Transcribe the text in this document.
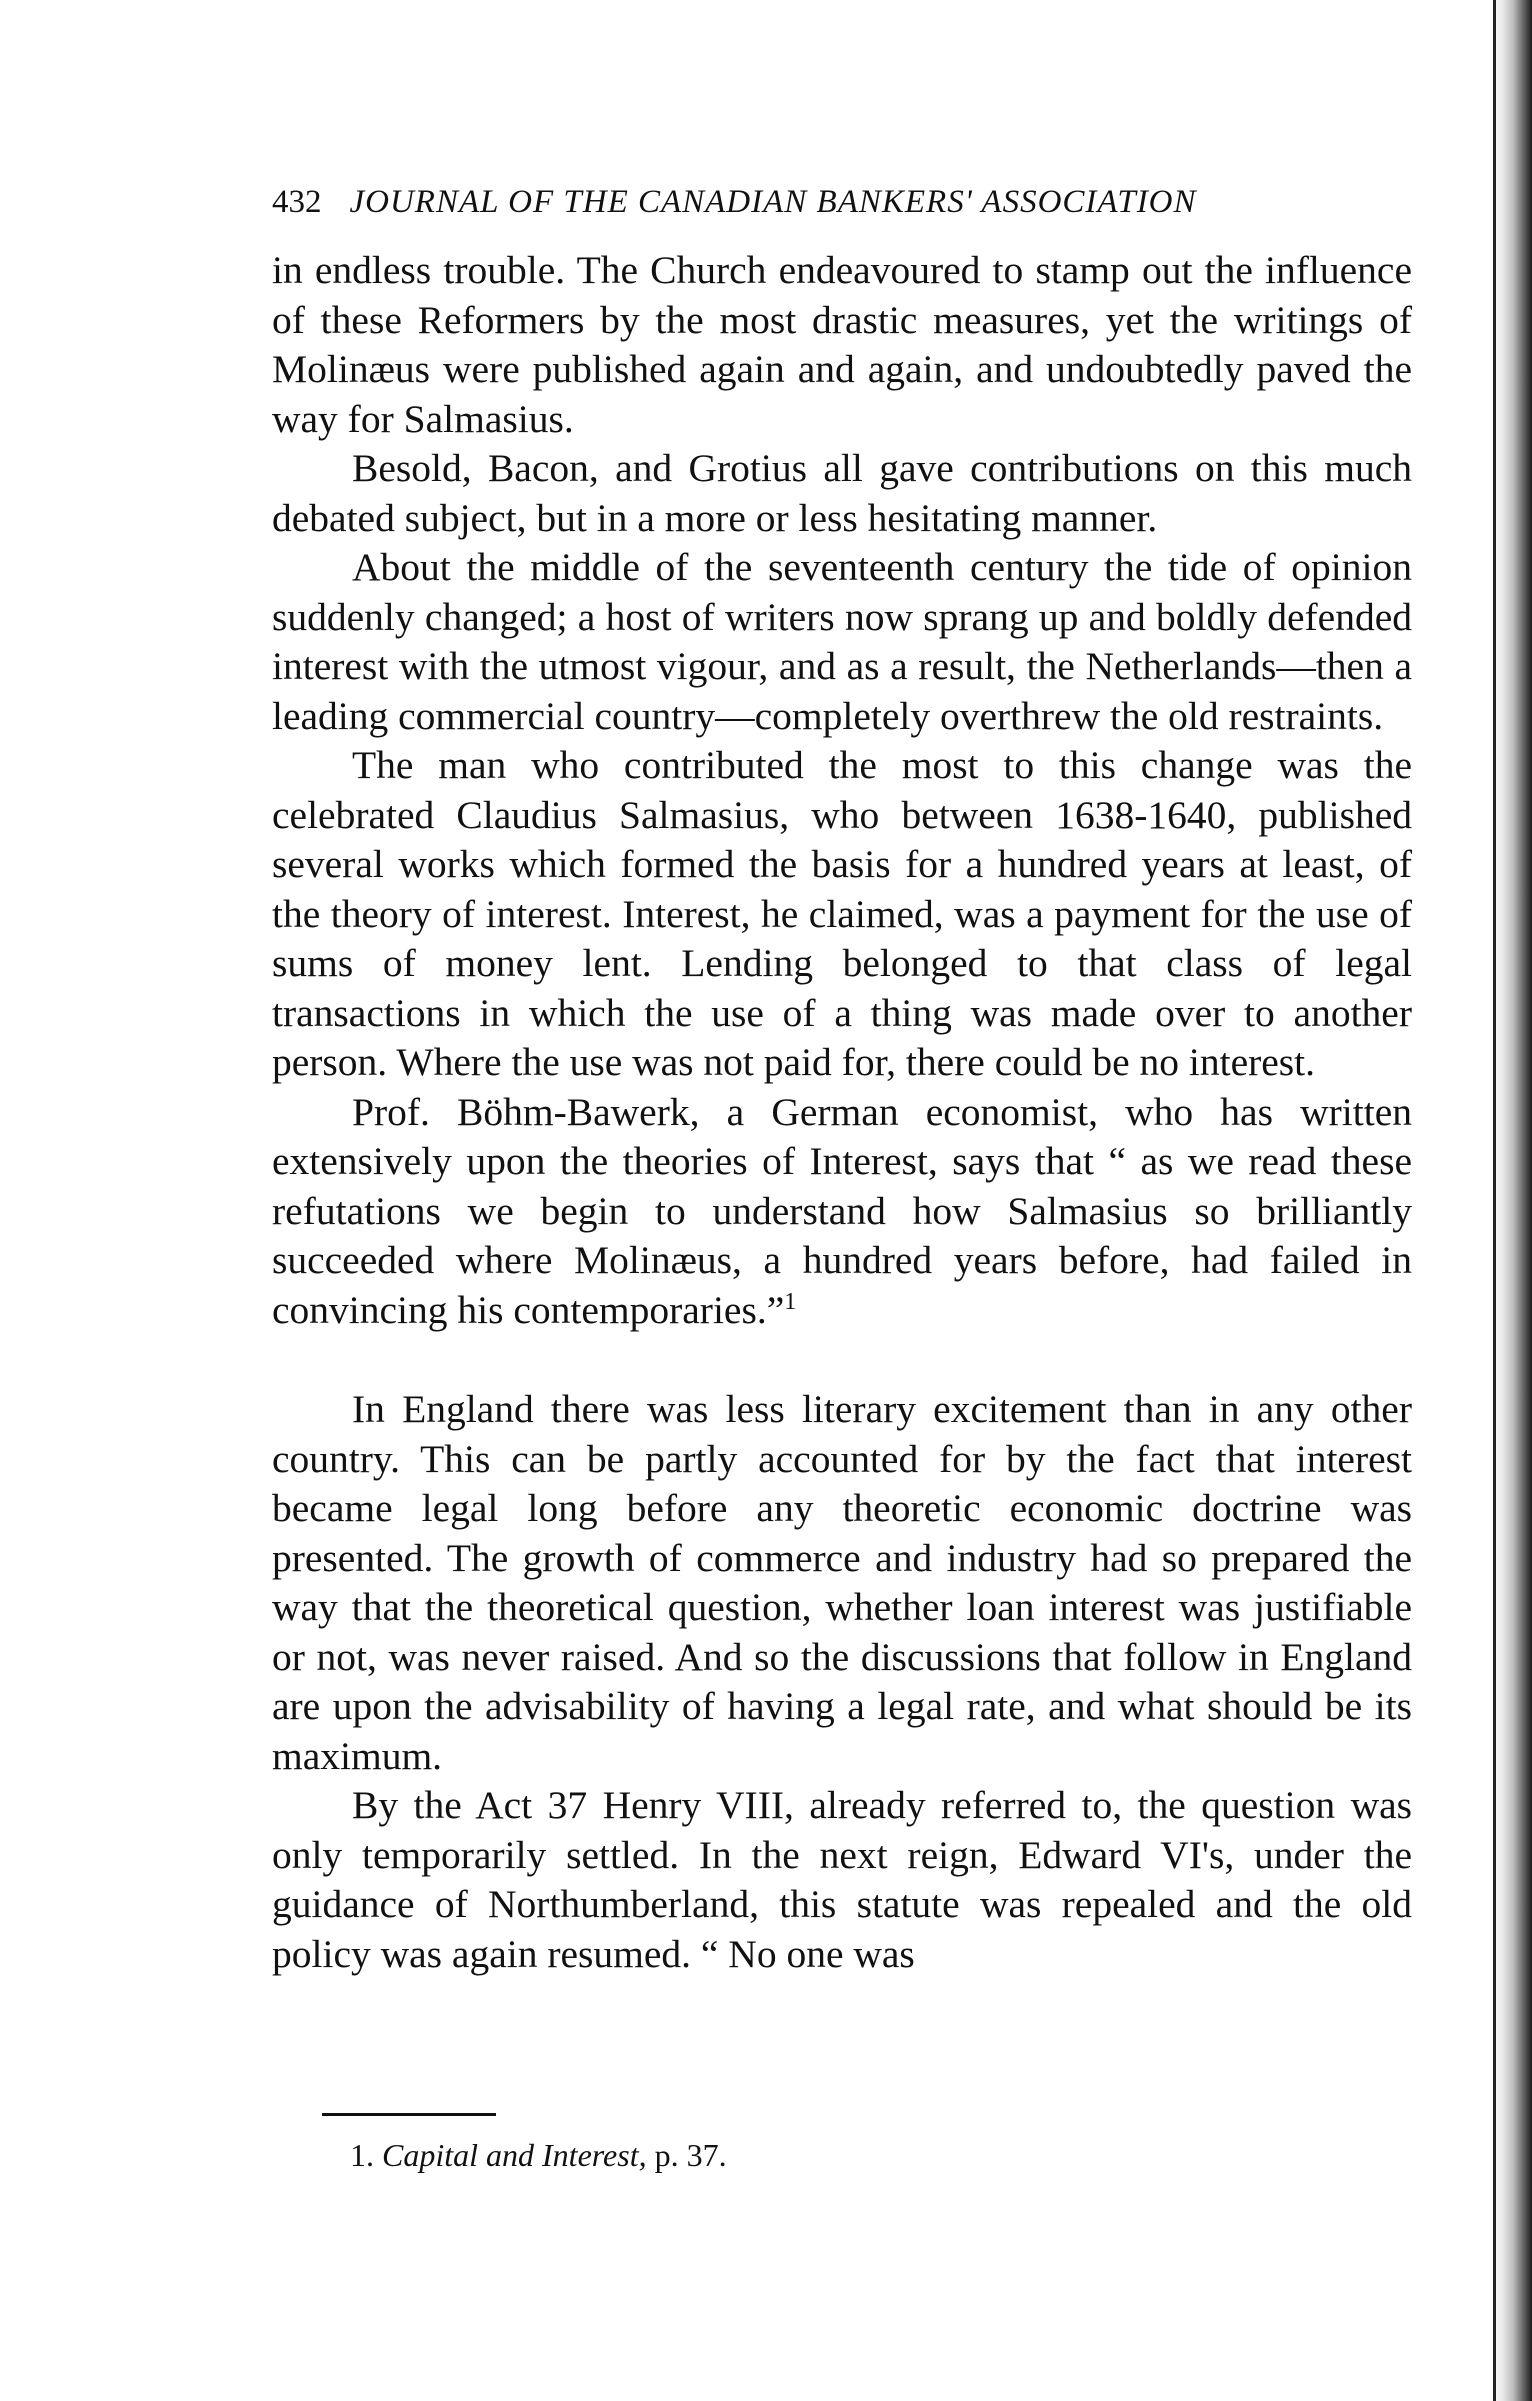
432 JOURNAL OF THE CANADIAN BANKERS' ASSOCIATION

in endless trouble. The Church endeavoured to stamp out the influence of these Reformers by the most drastic measures, yet the writings of Molinæus were published again and again, and undoubtedly paved the way for Salmasius.

Besold, Bacon, and Grotius all gave contributions on this much debated subject, but in a more or less hesitating manner.

About the middle of the seventeenth century the tide of opinion suddenly changed; a host of writers now sprang up and boldly defended interest with the utmost vigour, and as a result, the Netherlands—then a leading commercial country—completely overthrew the old restraints.

The man who contributed the most to this change was the celebrated Claudius Salmasius, who between 1638-1640, published several works which formed the basis for a hundred years at least, of the theory of interest. Interest, he claimed, was a payment for the use of sums of money lent. Lending belonged to that class of legal transactions in which the use of a thing was made over to another person. Where the use was not paid for, there could be no interest.

Prof. Böhm-Bawerk, a German economist, who has written extensively upon the theories of Interest, says that “ as we read these refutations we begin to understand how Salmasius so brilliantly succeeded where Molinæus, a hundred years before, had failed in convincing his contemporaries.”$^1$

In England there was less literary excitement than in any other country. This can be partly accounted for by the fact that interest became legal long before any theoretic economic doctrine was presented. The growth of commerce and industry had so prepared the way that the theoretical question, whether loan interest was justifiable or not, was never raised. And so the discussions that follow in England are upon the advisability of having a legal rate, and what should be its maximum.

By the Act 37 Henry VIII, already referred to, the question was only temporarily settled. In the next reign, Edward VI's, under the guidance of Northumberland, this statute was repealed and the old policy was again resumed. “ No one was

1. Capital and Interest, p. 37.
